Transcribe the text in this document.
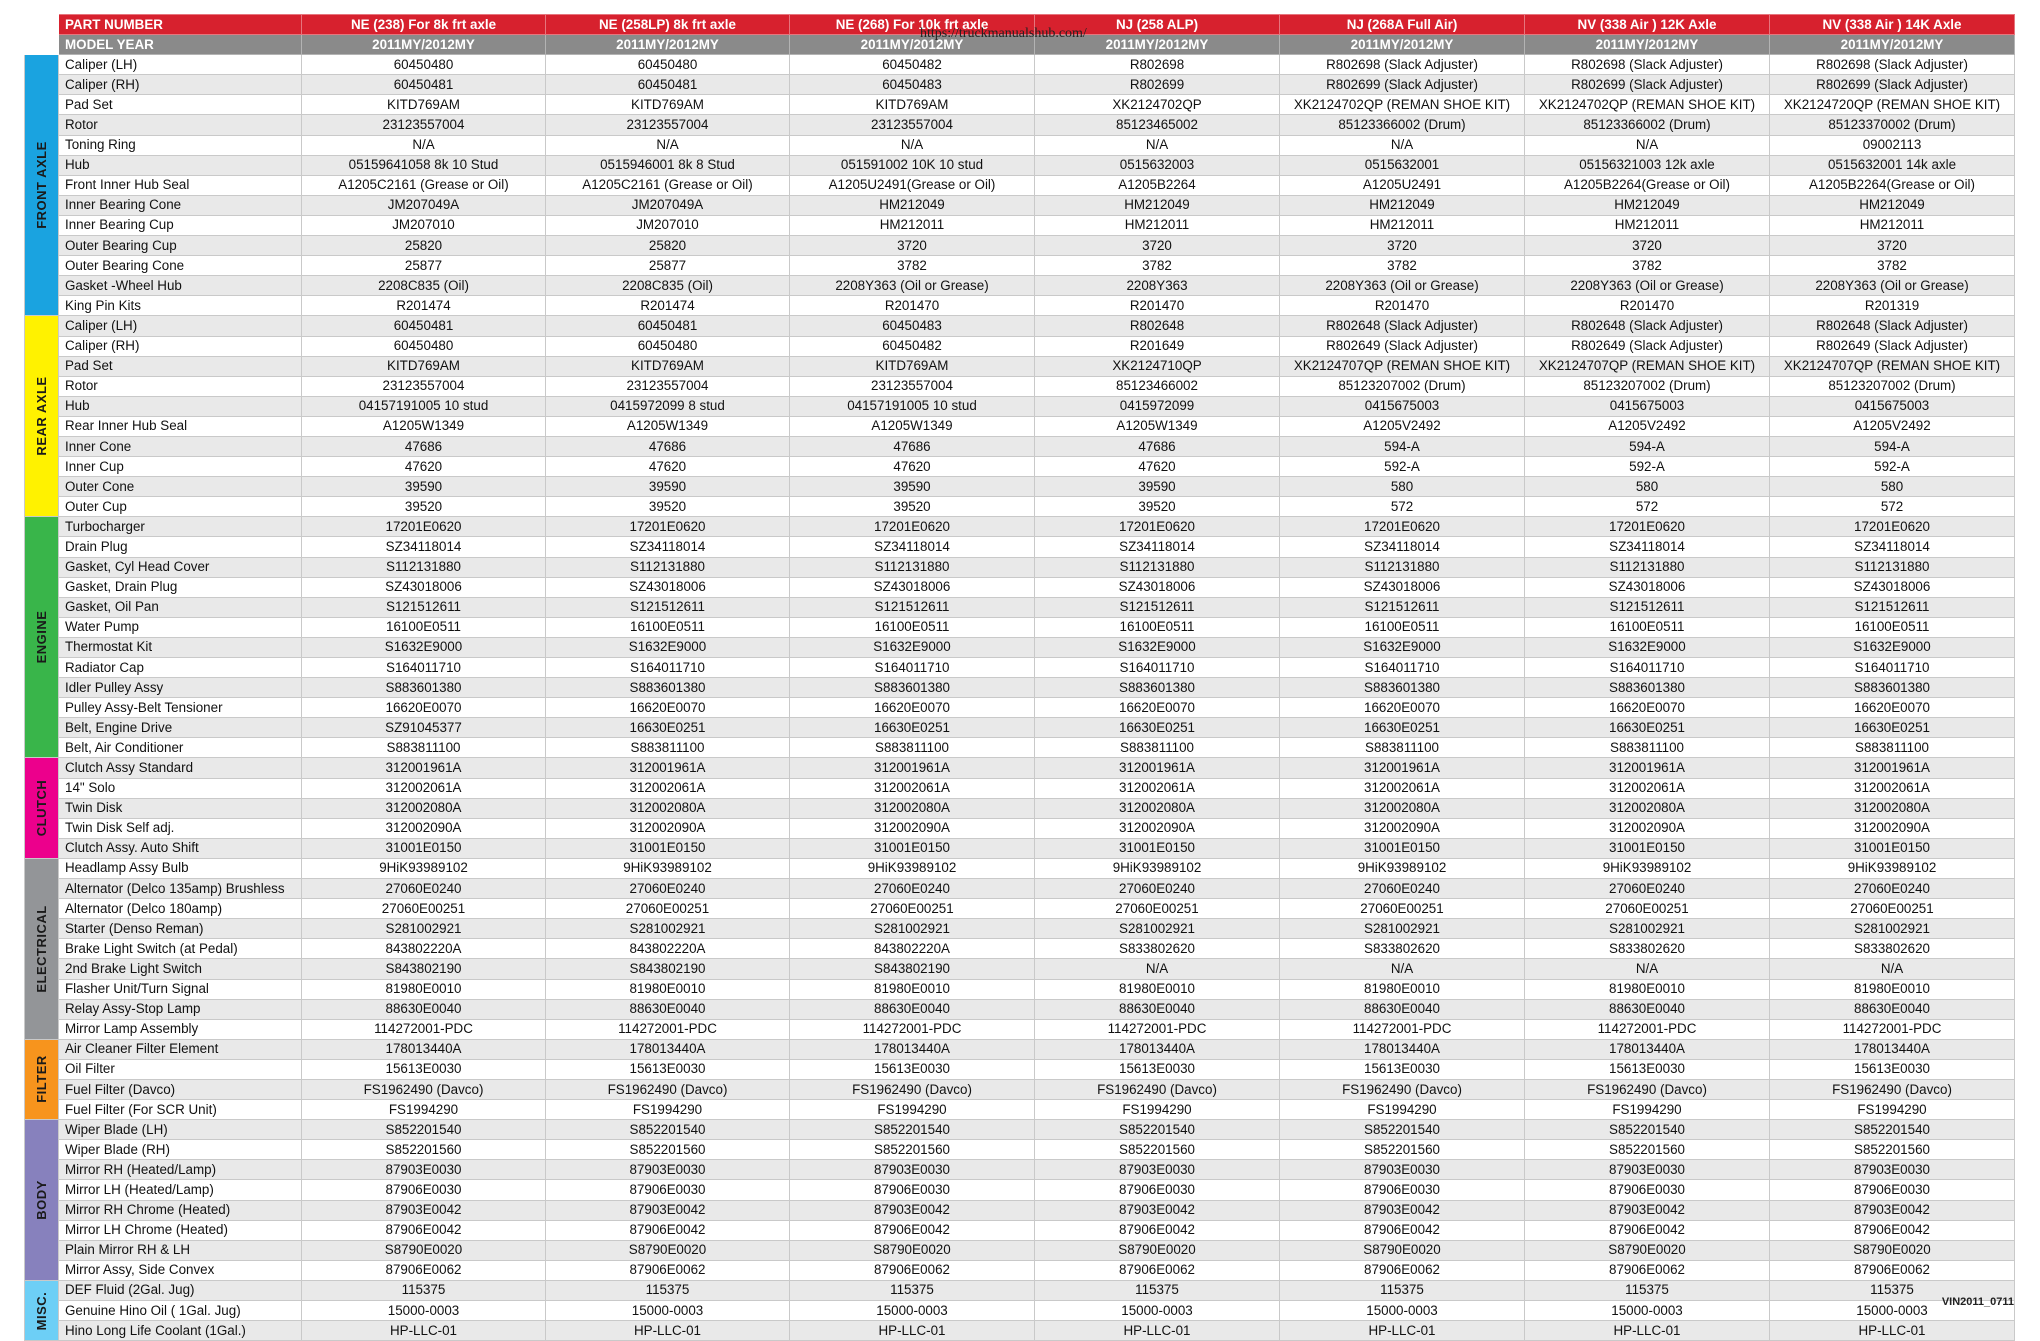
	PART NUMBER	NE (238) For 8k frt axle	NE (258LP) 8k frt axle	NE (268) For 10k frt axle	NJ (258 ALP)	NJ (268A Full Air)	NV (338 Air ) 12K Axle	NV (338 Air ) 14K Axle
	MODEL YEAR	2011MY/2012MY	2011MY/2012MY	2011MY/2012MY	2011MY/2012MY	2011MY/2012MY	2011MY/2012MY	2011MY/2012MY

FRONT AXLE	Caliper (LH)	60450480	60450480	60450482	R802698	R802698 (Slack Adjuster)	R802698 (Slack Adjuster)	R802698 (Slack Adjuster)
	Caliper (RH)	60450481	60450481	60450483	R802699	R802699 (Slack Adjuster)	R802699 (Slack Adjuster)	R802699 (Slack Adjuster)
	Pad Set	KITD769AM	KITD769AM	KITD769AM	XK2124702QP	XK2124702QP (REMAN SHOE KIT)	XK2124702QP (REMAN SHOE KIT)	XK2124720QP (REMAN SHOE KIT)
	Rotor	23123557004	23123557004	23123557004	85123465002	85123366002 (Drum)	85123366002 (Drum)	85123370002 (Drum)
	Toning Ring	N/A	N/A	N/A	N/A	N/A	N/A	09002113
	Hub	05159641058 8k 10 Stud	0515946001 8k 8 Stud	051591002 10K 10 stud	0515632003	0515632001	05156321003 12k axle	0515632001 14k axle
	Front Inner Hub Seal	A1205C2161 (Grease or Oil)	A1205C2161 (Grease or Oil)	A1205U2491(Grease or Oil)	A1205B2264	A1205U2491	A1205B2264(Grease or Oil)	A1205B2264(Grease or Oil)
	Inner Bearing Cone	JM207049A	JM207049A	HM212049	HM212049	HM212049	HM212049	HM212049
	Inner Bearing Cup	JM207010	JM207010	HM212011	HM212011	HM212011	HM212011	HM212011
	Outer Bearing Cup	25820	25820	3720	3720	3720	3720	3720
	Outer Bearing Cone	25877	25877	3782	3782	3782	3782	3782
	Gasket -Wheel Hub	2208C835 (Oil)	2208C835 (Oil)	2208Y363 (Oil or Grease)	2208Y363	2208Y363 (Oil or Grease)	2208Y363 (Oil or Grease)	2208Y363 (Oil or Grease)
	King Pin Kits	R201474	R201474	R201470	R201470	R201470	R201470	R201319

REAR AXLE	Caliper (LH)	60450481	60450481	60450483	R802648	R802648 (Slack Adjuster)	R802648 (Slack Adjuster)	R802648 (Slack Adjuster)
	Caliper (RH)	60450480	60450480	60450482	R201649	R802649 (Slack Adjuster)	R802649 (Slack Adjuster)	R802649 (Slack Adjuster)
	Pad Set	KITD769AM	KITD769AM	KITD769AM	XK2124710QP	XK2124707QP (REMAN SHOE KIT)	XK2124707QP (REMAN SHOE KIT)	XK2124707QP (REMAN SHOE KIT)
	Rotor	23123557004	23123557004	23123557004	85123466002	85123207002 (Drum)	85123207002 (Drum)	85123207002 (Drum)
	Hub	04157191005 10 stud	0415972099 8 stud	04157191005 10 stud	0415972099	0415675003	0415675003	0415675003
	Rear Inner Hub Seal	A1205W1349	A1205W1349	A1205W1349	A1205W1349	A1205V2492	A1205V2492	A1205V2492
	Inner Cone	47686	47686	47686	47686	594-A	594-A	594-A
	Inner Cup	47620	47620	47620	47620	592-A	592-A	592-A
	Outer Cone	39590	39590	39590	39590	580	580	580
	Outer Cup	39520	39520	39520	39520	572	572	572

ENGINE	Turbocharger	17201E0620	17201E0620	17201E0620	17201E0620	17201E0620	17201E0620	17201E0620
	Drain Plug	SZ34118014	SZ34118014	SZ34118014	SZ34118014	SZ34118014	SZ34118014	SZ34118014
	Gasket, Cyl Head Cover	S112131880	S112131880	S112131880	S112131880	S112131880	S112131880	S112131880
	Gasket, Drain Plug	SZ43018006	SZ43018006	SZ43018006	SZ43018006	SZ43018006	SZ43018006	SZ43018006
	Gasket, Oil Pan	S121512611	S121512611	S121512611	S121512611	S121512611	S121512611	S121512611
	Water Pump	16100E0511	16100E0511	16100E0511	16100E0511	16100E0511	16100E0511	16100E0511
	Thermostat Kit	S1632E9000	S1632E9000	S1632E9000	S1632E9000	S1632E9000	S1632E9000	S1632E9000
	Radiator Cap	S164011710	S164011710	S164011710	S164011710	S164011710	S164011710	S164011710
	Idler Pulley Assy	S883601380	S883601380	S883601380	S883601380	S883601380	S883601380	S883601380
	Pulley Assy-Belt Tensioner	16620E0070	16620E0070	16620E0070	16620E0070	16620E0070	16620E0070	16620E0070
	Belt, Engine Drive	SZ91045377	16630E0251	16630E0251	16630E0251	16630E0251	16630E0251	16630E0251
	Belt, Air Conditioner	S883811100	S883811100	S883811100	S883811100	S883811100	S883811100	S883811100

CLUTCH	Clutch Assy Standard	312001961A	312001961A	312001961A	312001961A	312001961A	312001961A	312001961A
	14" Solo	312002061A	312002061A	312002061A	312002061A	312002061A	312002061A	312002061A
	Twin Disk	312002080A	312002080A	312002080A	312002080A	312002080A	312002080A	312002080A
	Twin Disk Self adj.	312002090A	312002090A	312002090A	312002090A	312002090A	312002090A	312002090A
	Clutch Assy. Auto Shift	31001E0150	31001E0150	31001E0150	31001E0150	31001E0150	31001E0150	31001E0150

ELECTRICAL	Headlamp Assy Bulb	9HiK93989102	9HiK93989102	9HiK93989102	9HiK93989102	9HiK93989102	9HiK93989102	9HiK93989102
	Alternator (Delco 135amp) Brushless	27060E0240	27060E0240	27060E0240	27060E0240	27060E0240	27060E0240	27060E0240
	Alternator (Delco 180amp)	27060E00251	27060E00251	27060E00251	27060E00251	27060E00251	27060E00251	27060E00251
	Starter (Denso Reman)	S281002921	S281002921	S281002921	S281002921	S281002921	S281002921	S281002921
	Brake Light Switch (at Pedal)	843802220A	843802220A	843802220A	S833802620	S833802620	S833802620	S833802620
	2nd Brake Light Switch	S843802190	S843802190	S843802190	N/A	N/A	N/A	N/A
	Flasher Unit/Turn Signal	81980E0010	81980E0010	81980E0010	81980E0010	81980E0010	81980E0010	81980E0010
	Relay Assy-Stop Lamp	88630E0040	88630E0040	88630E0040	88630E0040	88630E0040	88630E0040	88630E0040
	Mirror Lamp Assembly	114272001-PDC	114272001-PDC	114272001-PDC	114272001-PDC	114272001-PDC	114272001-PDC	114272001-PDC

FILTER	Air Cleaner Filter Element	178013440A	178013440A	178013440A	178013440A	178013440A	178013440A	178013440A
	Oil Filter	15613E0030	15613E0030	15613E0030	15613E0030	15613E0030	15613E0030	15613E0030
	Fuel Filter (Davco)	FS1962490 (Davco)	FS1962490 (Davco)	FS1962490 (Davco)	FS1962490 (Davco)	FS1962490 (Davco)	FS1962490 (Davco)	FS1962490 (Davco)
	Fuel Filter (For SCR Unit)	FS1994290	FS1994290	FS1994290	FS1994290	FS1994290	FS1994290	FS1994290

BODY	Wiper Blade (LH)	S852201540	S852201540	S852201540	S852201540	S852201540	S852201540	S852201540
	Wiper Blade (RH)	S852201560	S852201560	S852201560	S852201560	S852201560	S852201560	S852201560
	Mirror RH (Heated/Lamp)	87903E0030	87903E0030	87903E0030	87903E0030	87903E0030	87903E0030	87903E0030
	Mirror LH (Heated/Lamp)	87906E0030	87906E0030	87906E0030	87906E0030	87906E0030	87906E0030	87906E0030
	Mirror RH Chrome (Heated)	87903E0042	87903E0042	87903E0042	87903E0042	87903E0042	87903E0042	87903E0042
	Mirror LH Chrome (Heated)	87906E0042	87906E0042	87906E0042	87906E0042	87906E0042	87906E0042	87906E0042
	Plain Mirror RH & LH	S8790E0020	S8790E0020	S8790E0020	S8790E0020	S8790E0020	S8790E0020	S8790E0020
	Mirror Assy, Side Convex	87906E0062	87906E0062	87906E0062	87906E0062	87906E0062	87906E0062	87906E0062

MISC.	DEF Fluid (2Gal. Jug)	115375	115375	115375	115375	115375	115375	115375
	Genuine Hino Oil ( 1Gal. Jug)	15000-0003	15000-0003	15000-0003	15000-0003	15000-0003	15000-0003	15000-0003
	Hino Long Life Coolant (1Gal.)	HP-LLC-01	HP-LLC-01	HP-LLC-01	HP-LLC-01	HP-LLC-01	HP-LLC-01	HP-LLC-01
https://truckmanualshub.com/
VIN2011_0711
